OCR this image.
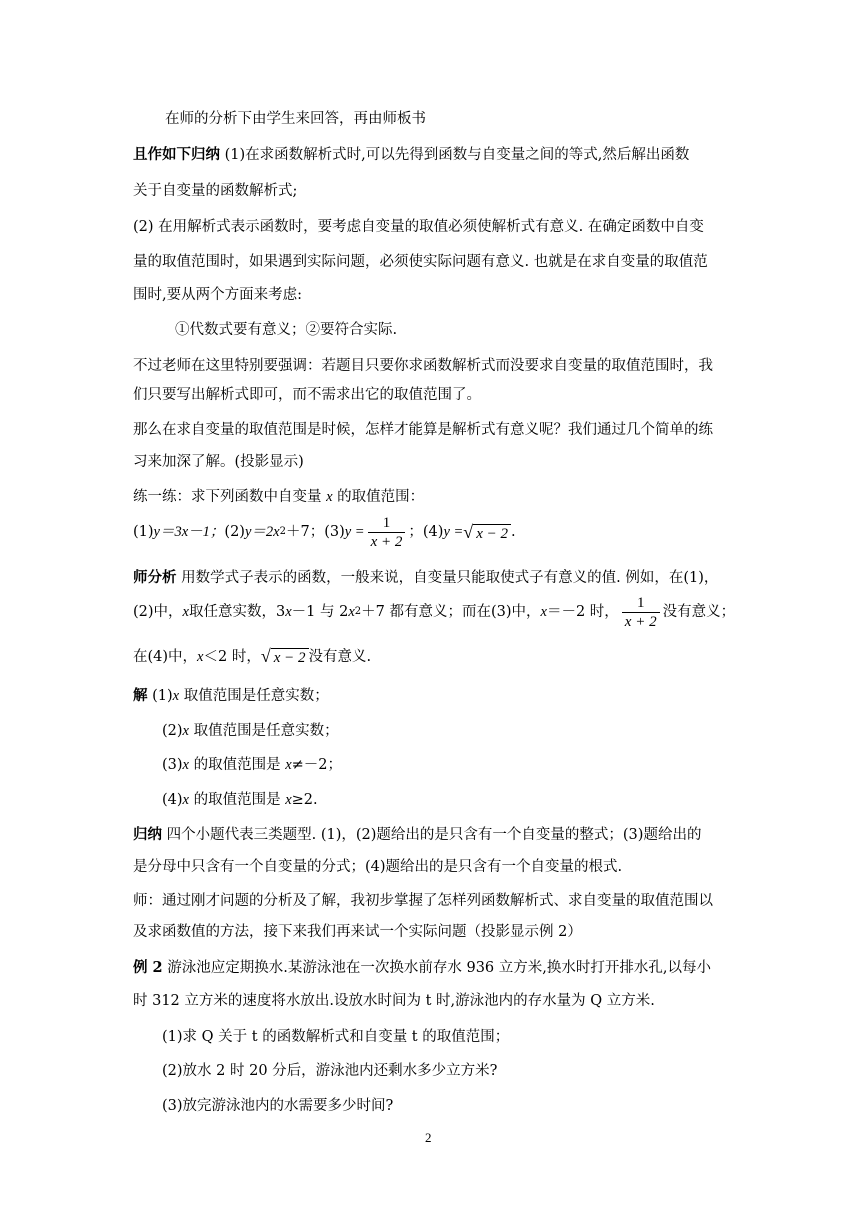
在师的分析下由学生来回答，再由师板书
且作如下归纳 (1)在求函数解析式时,可以先得到函数与自变量之间的等式,然后解出函数
关于自变量的函数解析式;
(2) 在用解析式表示函数时，要考虑自变量的取值必须使解析式有意义. 在确定函数中自变
量的取值范围时，如果遇到实际问题，必须使实际问题有意义. 也就是在求自变量的取值范
围时,要从两个方面来考虑:
①代数式要有意义；②要符合实际.
不过老师在这里特别要强调：若题目只要你求函数解析式而没要求自变量的取值范围时，我
们只要写出解析式即可，而不需求出它的取值范围了。
那么在求自变量的取值范围是时候，怎样才能算是解析式有意义呢？我们通过几个简单的练
习来加深了解。(投影显示)
练一练：求下列函数中自变量 x 的取值范围：
(1) y＝3x－1； (2) y＝2x 2 ＋7； (3) $y = \frac{1}{x + 2}$ ； (4) y = √ x − 2 .
师分析 用数学式子表示的函数，一般来说，自变量只能取使式子有意义的值. 例如，在(1)，
(2)中， x 取任意实数，3 x －1 与 2 x 2 ＋7 都有意义；而在(3)中， x ＝－2 时， $\frac{1}{x + 2}$ 没有意义；
在(4)中， x ＜2 时， √ x − 2 没有意义.
解 (1)x 取值范围是任意实数；
(2)x 取值范围是任意实数；
(3)x 的取值范围是 x≠－2；
(4)x 的取值范围是 x≥2.
归纳 四个小题代表三类题型. (1)，(2)题给出的是只含有一个自变量的整式；(3)题给出的
是分母中只含有一个自变量的分式；(4)题给出的是只含有一个自变量的根式.
师：通过刚才问题的分析及了解，我初步掌握了怎样列函数解析式、求自变量的取值范围以
及求函数值的方法，接下来我们再来试一个实际问题（投影显示例 2）
例 2 游泳池应定期换水.某游泳池在一次换水前存水 936 立方米,换水时打开排水孔,以每小
时 312 立方米的速度将水放出.设放水时间为 t 时,游泳池内的存水量为 Q 立方米.
(1)求 Q 关于 t 的函数解析式和自变量 t 的取值范围；
(2)放水 2 时 20 分后，游泳池内还剩水多少立方米?
(3)放完游泳池内的水需要多少时间?
2
